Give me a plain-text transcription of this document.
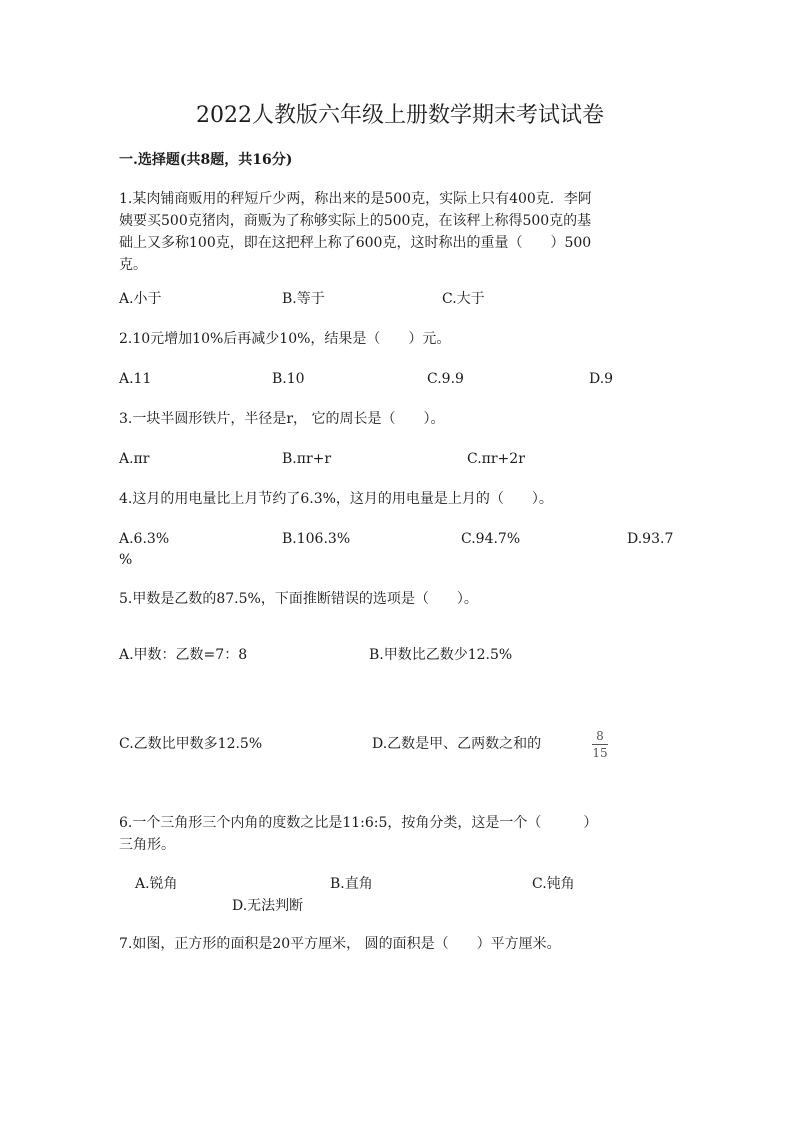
2022人教版六年级上册数学期末考试试卷
一.选择题(共8题，共16分)
1.某肉铺商贩用的秤短斤少两，称出来的是500克，实际上只有400克．李阿
姨要买500克猪肉，商贩为了称够实际上的500克，在该秤上称得500克的基
础上又多称100克，即在这把秤上称了600克，这时称出的重量（　　）500
克。
A.小于	B.等于	C.大于
2.10元增加10%后再减少10%，结果是（　　）元。
A.11	B.10	C.9.9	D.9
3.一块半圆形铁片，半径是r， 它的周长是（　　）。
A.πr	B.πr+r	C.πr+2r
4.这月的用电量比上月节约了6.3%，这月的用电量是上月的（　　）。
A.6.3%	B.106.3%	C.94.7%	D.93.7
%
5.甲数是乙数的87.5%，下面推断错误的选项是（　　）。
A.甲数：乙数=7：8	B.甲数比乙数少12.5%
C.乙数比甲数多12.5%	D.乙数是甲、乙两数之和的	8
15
6.一个三角形三个内角的度数之比是11:6:5，按角分类，这是一个（　　　）
三角形。
A.锐角	B.直角	C.钝角
D.无法判断
7.如图，正方形的面积是20平方厘米， 圆的面积是（　　）平方厘米。
